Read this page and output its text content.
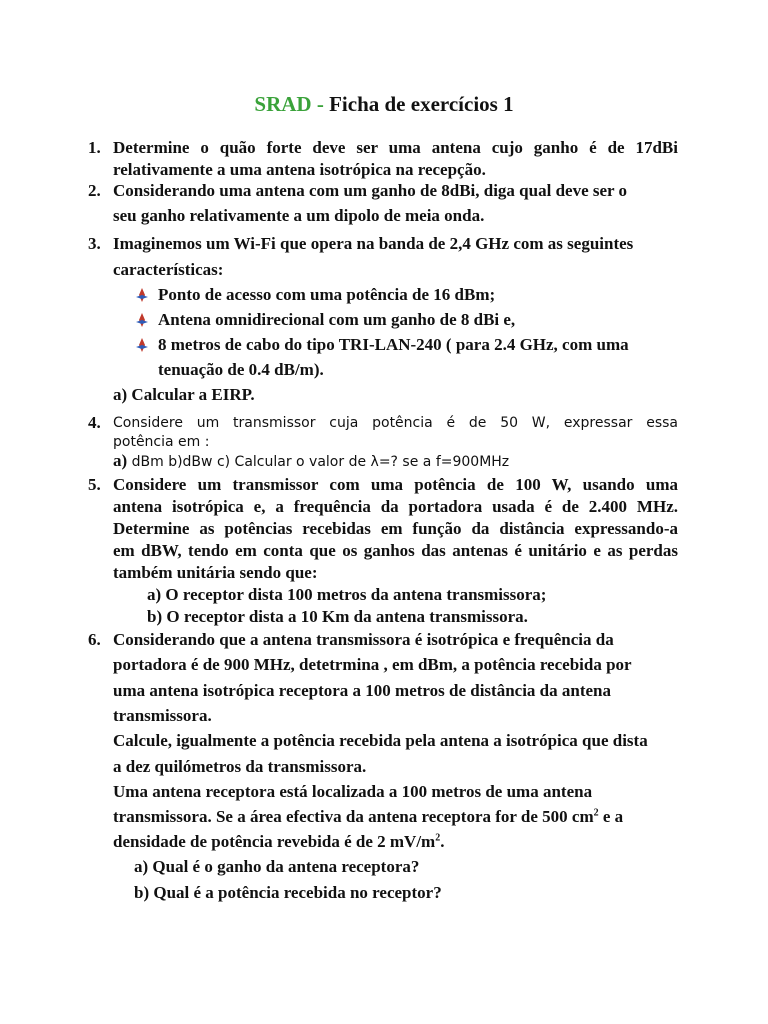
SRAD - Ficha de exercícios 1
1. Determine o quão forte deve ser uma antena cujo ganho é de 17dBi
relativamente a uma antena isotrópica na recepção.
2. Considerando uma antena com um ganho de 8dBi, diga qual deve ser o
seu ganho relativamente a um dipolo de meia onda.
3. Imaginemos um Wi-Fi que opera na banda de 2,4 GHz com as seguintes
características:
Ponto de acesso com uma potência de 16 dBm;
Antena omnidirecional com um ganho de 8 dBi e,
8 metros de cabo do tipo TRI-LAN-240 ( para 2.4 GHz, com uma
tenuação de 0.4 dB/m).
a) Calcular a EIRP.
4. Considere um transmissor cuja potência é de 50 W, expressar essa
potência em :
a) dBm b)dBw c) Calcular o valor de λ=? se a f=900MHz
5. Considere um transmissor com uma potência de 100 W, usando uma
antena isotrópica e, a frequência da portadora usada é de 2.400 MHz.
Determine as potências recebidas em função da distância expressando-a
em dBW, tendo em conta que os ganhos das antenas é unitário e as perdas
também unitária sendo que:
a) O receptor dista 100 metros da antena transmissora;
b) O receptor dista a 10 Km da antena transmissora.
6. Considerando que a antena transmissora é isotrópica e frequência da
portadora é de 900 MHz, detetrmina , em dBm, a potência recebida por
uma antena isotrópica receptora a 100 metros de distância da antena
transmissora.
Calcule, igualmente a potência recebida pela antena a isotrópica que dista
a dez quilómetros da transmissora.
Uma antena receptora está localizada a 100 metros de uma antena
transmissora. Se a área efectiva da antena receptora for de 500 $cm^2$ e a
densidade de potência revebida é de 2 $mV/m^2$.
a) Qual é o ganho da antena receptora?
b) Qual é a potência recebida no receptor?
